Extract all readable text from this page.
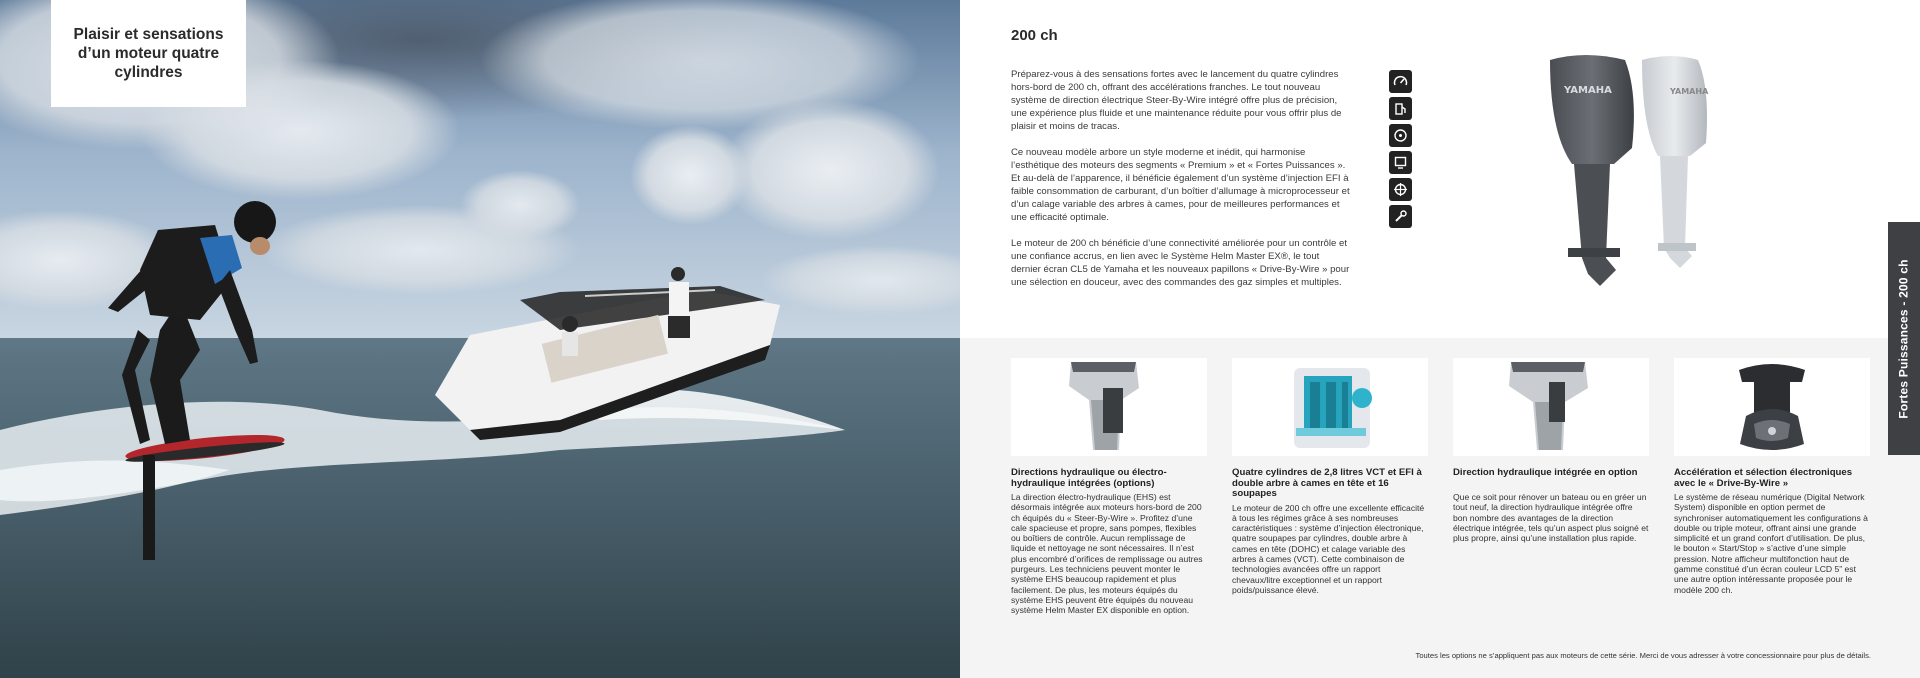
Plaisir et sensations d’un moteur quatre cylindres
200 ch

Préparez-vous à des sensations fortes avec le lancement du quatre cylindres hors-bord de 200 ch, offrant des accélérations franches. Le tout nouveau système de direction électrique Steer-By-Wire intégré offre plus de précision, une expérience plus fluide et une maintenance réduite pour vous offrir plus de plaisir et moins de tracas.

Ce nouveau modèle arbore un style moderne et inédit, qui harmonise l’esthétique des moteurs des segments « Premium » et « Fortes Puissances ». Et au-delà de l’apparence, il bénéficie également d’un système d’injection EFI à faible consommation de carburant, d’un boîtier d’allumage à microprocesseur et d’un calage variable des arbres à cames, pour de meilleures performances et une efficacité optimale.

Le moteur de 200 ch bénéficie d’une connectivité améliorée pour un contrôle et une confiance accrus, en lien avec le Système Helm Master EX®, le tout dernier écran CL5 de Yamaha et les nouveaux papillons « Drive-By-Wire » pour une sélection en douceur, avec des commandes des gaz simples et multiples.

YAMAHA
YAMAHA
Fortes Puissances - 200 ch
Directions hydraulique ou électro-hydraulique intégrées (options)

La direction électro-hydraulique (EHS) est désormais intégrée aux moteurs hors-bord de 200 ch équipés du « Steer-By-Wire ». Profitez d’une cale spacieuse et propre, sans pompes, flexibles ou boîtiers de contrôle. Aucun remplissage de liquide et nettoyage ne sont nécessaires. Il n’est plus encombré d’orifices de remplissage ou autres purgeurs. Les techniciens peuvent monter le système EHS beaucoup rapidement et plus facilement. De plus, les moteurs équipés du système EHS peuvent être équipés du nouveau système Helm Master EX disponible en option.

Quatre cylindres de 2,8 litres VCT et EFI à double arbre à cames en tête et 16 soupapes

Le moteur de 200 ch offre une excellente efficacité à tous les régimes grâce à ses nombreuses caractéristiques : système d’injection électronique, quatre soupapes par cylindres, double arbre à cames en tête (DOHC) et calage variable des arbres à cames (VCT). Cette combinaison de technologies avancées offre un rapport chevaux/litre exceptionnel et un rapport poids/puissance élevé.

Direction hydraulique intégrée en option

Que ce soit pour rénover un bateau ou en gréer un tout neuf, la direction hydraulique intégrée offre bon nombre des avantages de la direction électrique intégrée, tels qu’un aspect plus soigné et plus propre, ainsi qu’une installation plus rapide.

Accélération et sélection électroniques avec le « Drive-By-Wire »

Le système de réseau numérique (Digital Network System) disponible en option permet de synchroniser automatiquement les configurations à double ou triple moteur, offrant ainsi une grande simplicité et un grand confort d’utilisation. De plus, le bouton « Start/Stop » s’active d’une simple pression. Notre afficheur multifonction haut de gamme constitué d’un écran couleur LCD 5” est une autre option intéressante proposée pour le modèle 200 ch.

Toutes les options ne s’appliquent pas aux moteurs de cette série. Merci de vous adresser à votre concessionnaire pour plus de détails.
